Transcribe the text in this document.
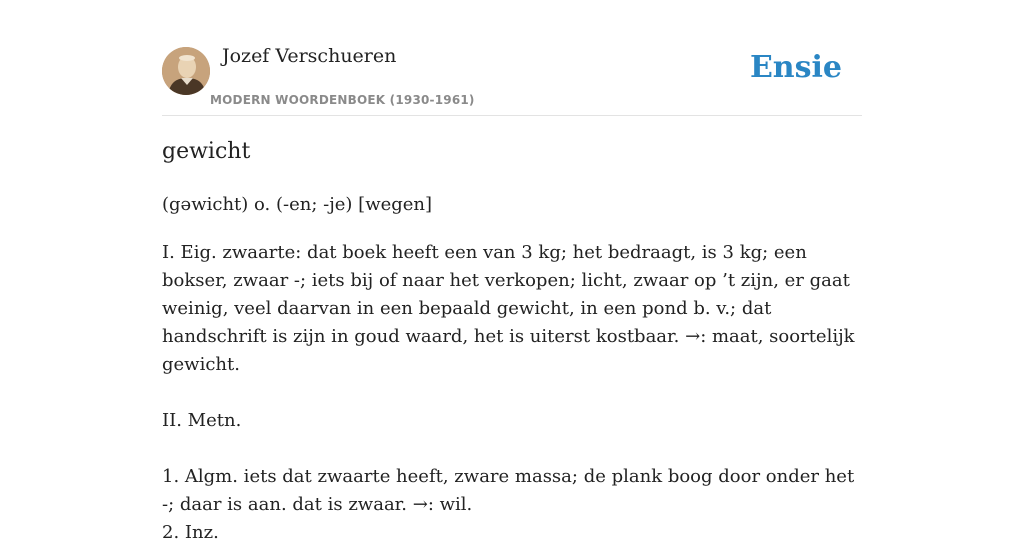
Jozef Verschueren
MODERN WOORDENBOEK (1930-1961)
Ensie
gewicht
(gəwicht) o. (-en; -je) [wegen]

I. Eig. zwaarte: dat boek heeft een van 3 kg; het bedraagt, is 3 kg; een bokser, zwaar -; iets bij of naar het verkopen; licht, zwaar op ’t zijn, er gaat weinig, veel daarvan in een bepaald gewicht, in een pond b. v.; dat handschrift is zijn in goud waard, het is uiterst kostbaar. →: maat, soortelijk gewicht.

II. Metn.

1. Algm. iets dat zwaarte heeft, zware massa; de plank boog door onder het -; daar is aan. dat is zwaar. →: wil.

2. Inz.
